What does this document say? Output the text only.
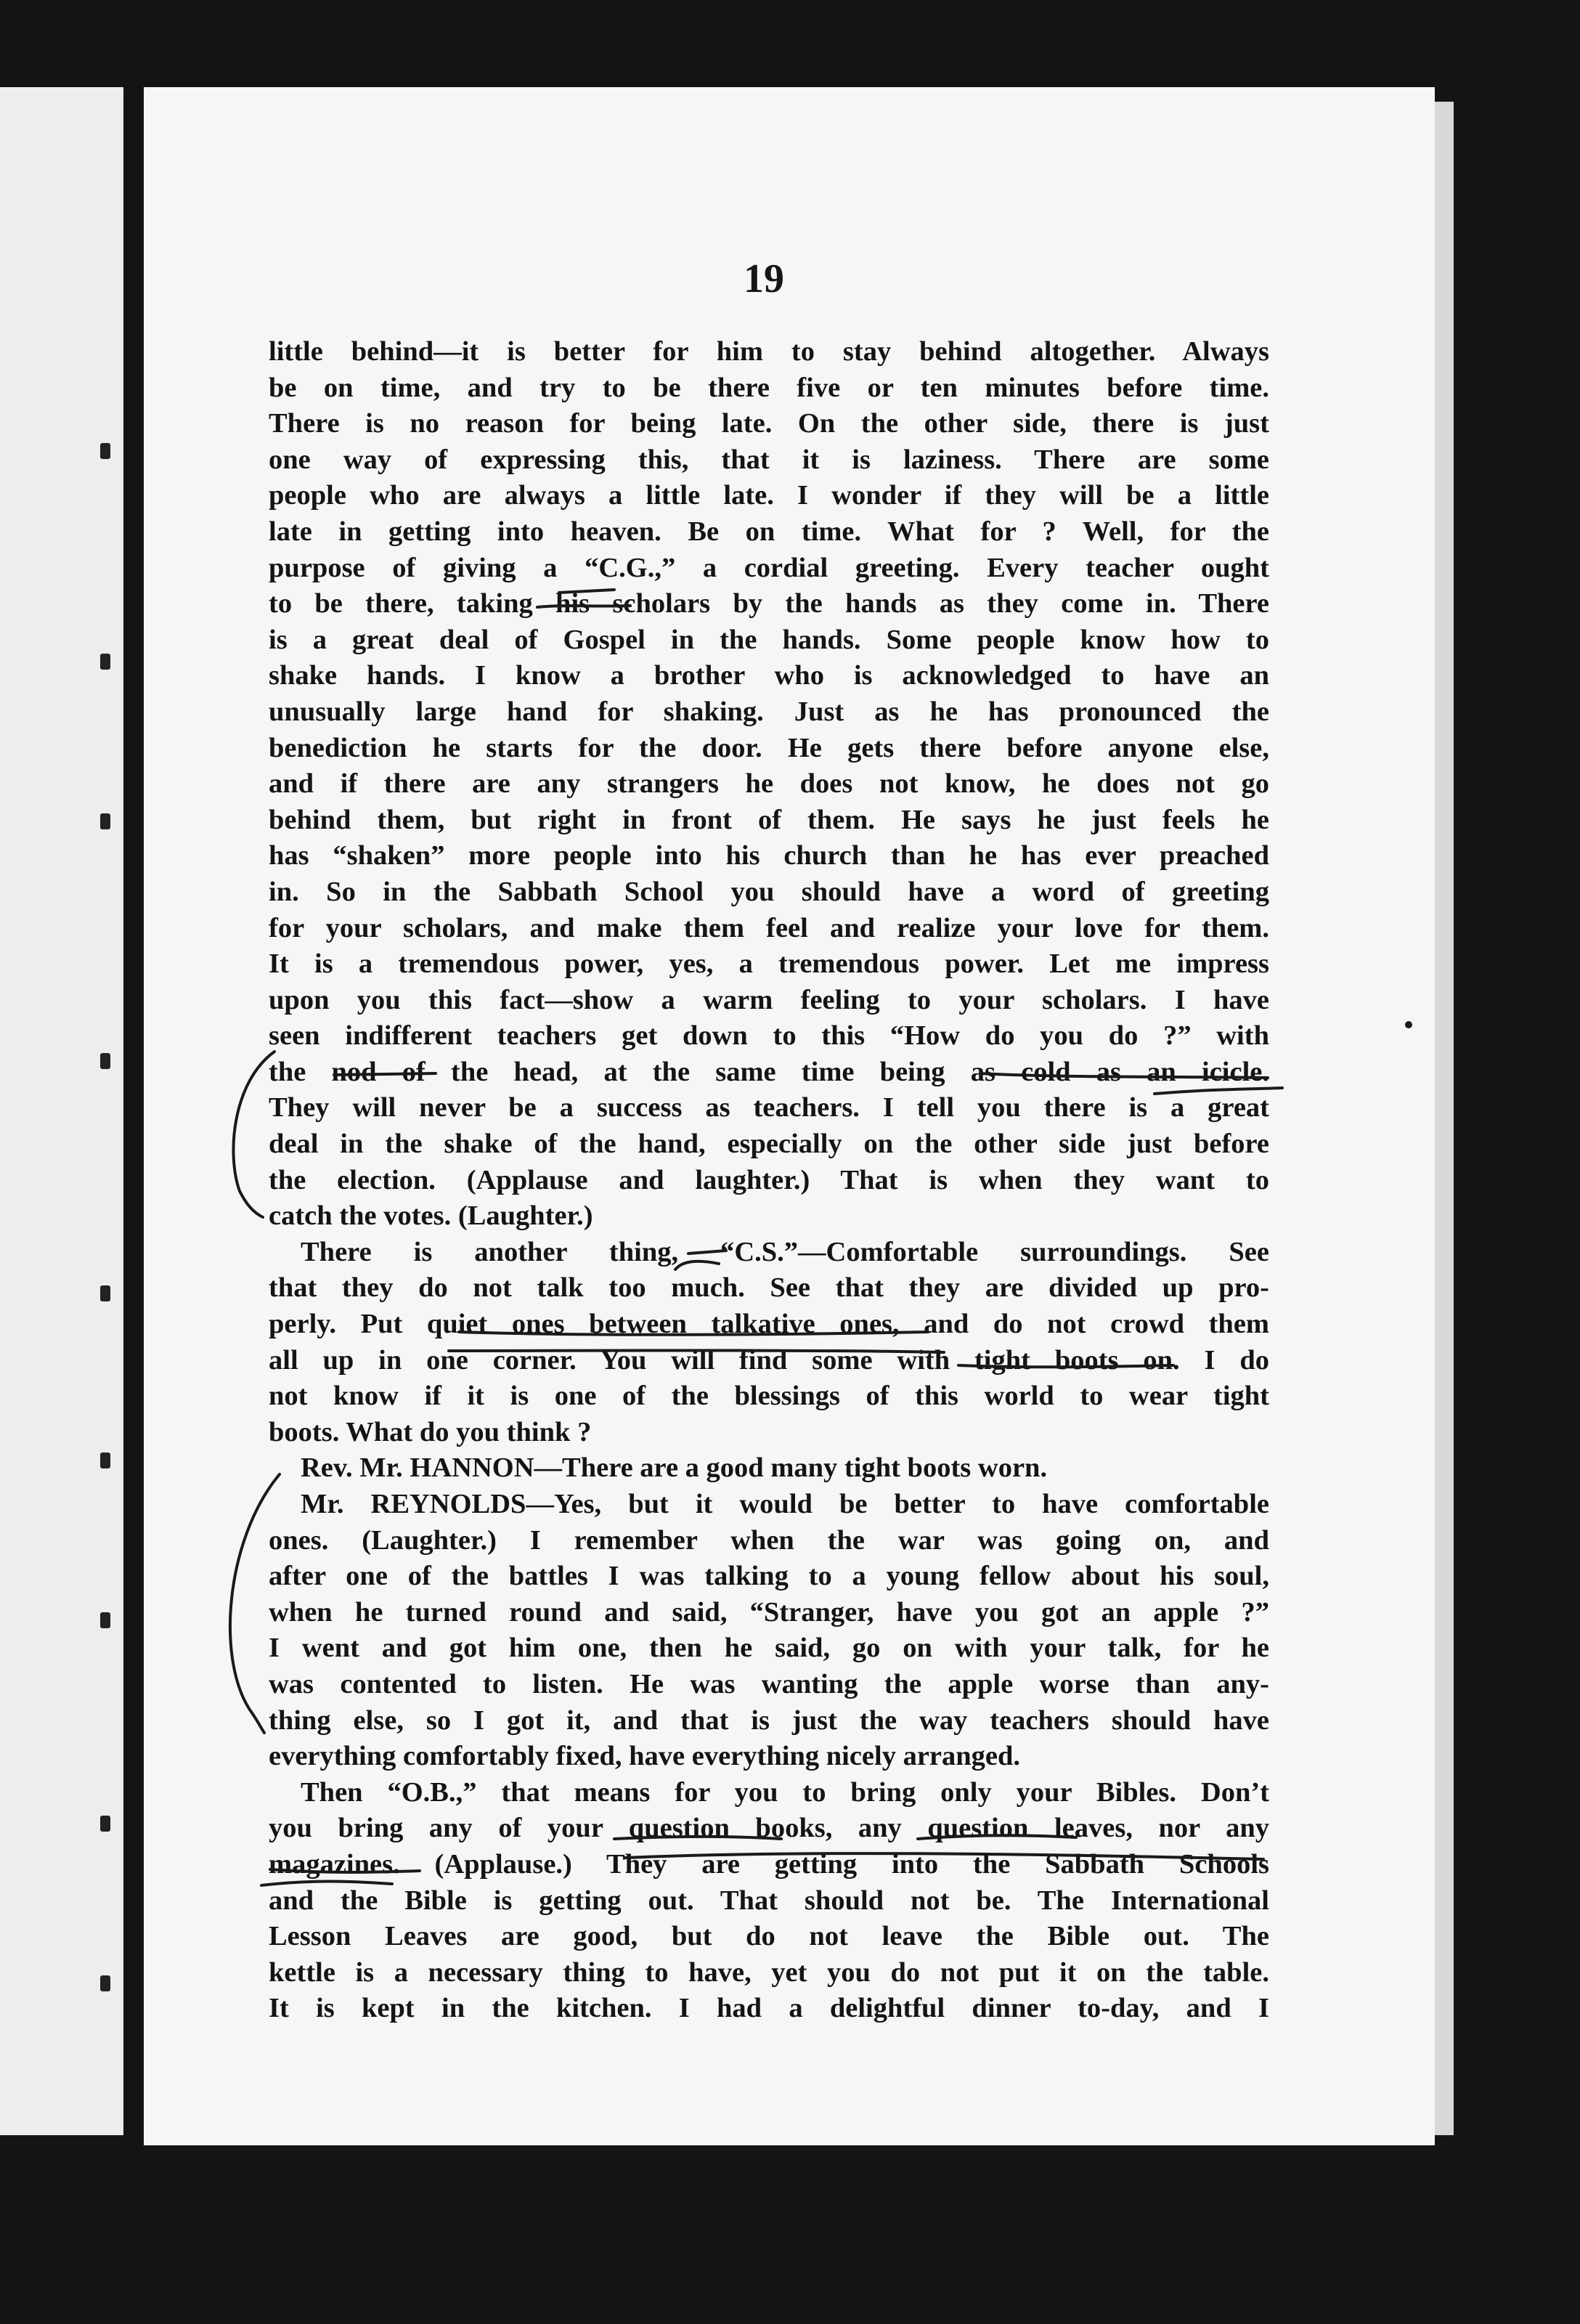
19
little behind—it is better for him to stay behind altogether. Always
be on time, and try to be there five or ten minutes before time.
There is no reason for being late. On the other side, there is just
one way of expressing this, that it is laziness. There are some
people who are always a little late. I wonder if they will be a little
late in getting into heaven. Be on time. What for ? Well, for the
purpose of giving a “C.G.,” a cordial greeting. Every teacher ought
to be there, taking his scholars by the hands as they come in. There
is a great deal of Gospel in the hands. Some people know how to
shake hands. I know a brother who is acknowledged to have an
unusually large hand for shaking. Just as he has pronounced the
benediction he starts for the door. He gets there before anyone else,
and if there are any strangers he does not know, he does not go
behind them, but right in front of them. He says he just feels he
has “shaken” more people into his church than he has ever preached
in. So in the Sabbath School you should have a word of greeting
for your scholars, and make them feel and realize your love for them.
It is a tremendous power, yes, a tremendous power. Let me impress
upon you this fact—show a warm feeling to your scholars. I have
seen indifferent teachers get down to this “How do you do ?” with
the nod of the head, at the same time being as cold as an icicle.
They will never be a success as teachers. I tell you there is a great
deal in the shake of the hand, especially on the other side just before
the election. (Applause and laughter.) That is when they want to
catch the votes. (Laughter.)
There is another thing, “C.S.”—Comfortable surroundings. See
that they do not talk too much. See that they are divided up pro-
perly. Put quiet ones between talkative ones, and do not crowd them
all up in one corner. You will find some with tight boots on. I do
not know if it is one of the blessings of this world to wear tight
boots. What do you think ?
Rev. Mr. HANNON—There are a good many tight boots worn.
Mr. REYNOLDS—Yes, but it would be better to have comfortable
ones. (Laughter.) I remember when the war was going on, and
after one of the battles I was talking to a young fellow about his soul,
when he turned round and said, “Stranger, have you got an apple ?”
I went and got him one, then he said, go on with your talk, for he
was contented to listen. He was wanting the apple worse than any-
thing else, so I got it, and that is just the way teachers should have
everything comfortably fixed, have everything nicely arranged.
Then “O.B.,” that means for you to bring only your Bibles. Don’t
you bring any of your question books, any question leaves, nor any
magazines. (Applause.) They are getting into the Sabbath Schools
and the Bible is getting out. That should not be. The International
Lesson Leaves are good, but do not leave the Bible out. The
kettle is a necessary thing to have, yet you do not put it on the table.
It is kept in the kitchen. I had a delightful dinner to-day, and I
